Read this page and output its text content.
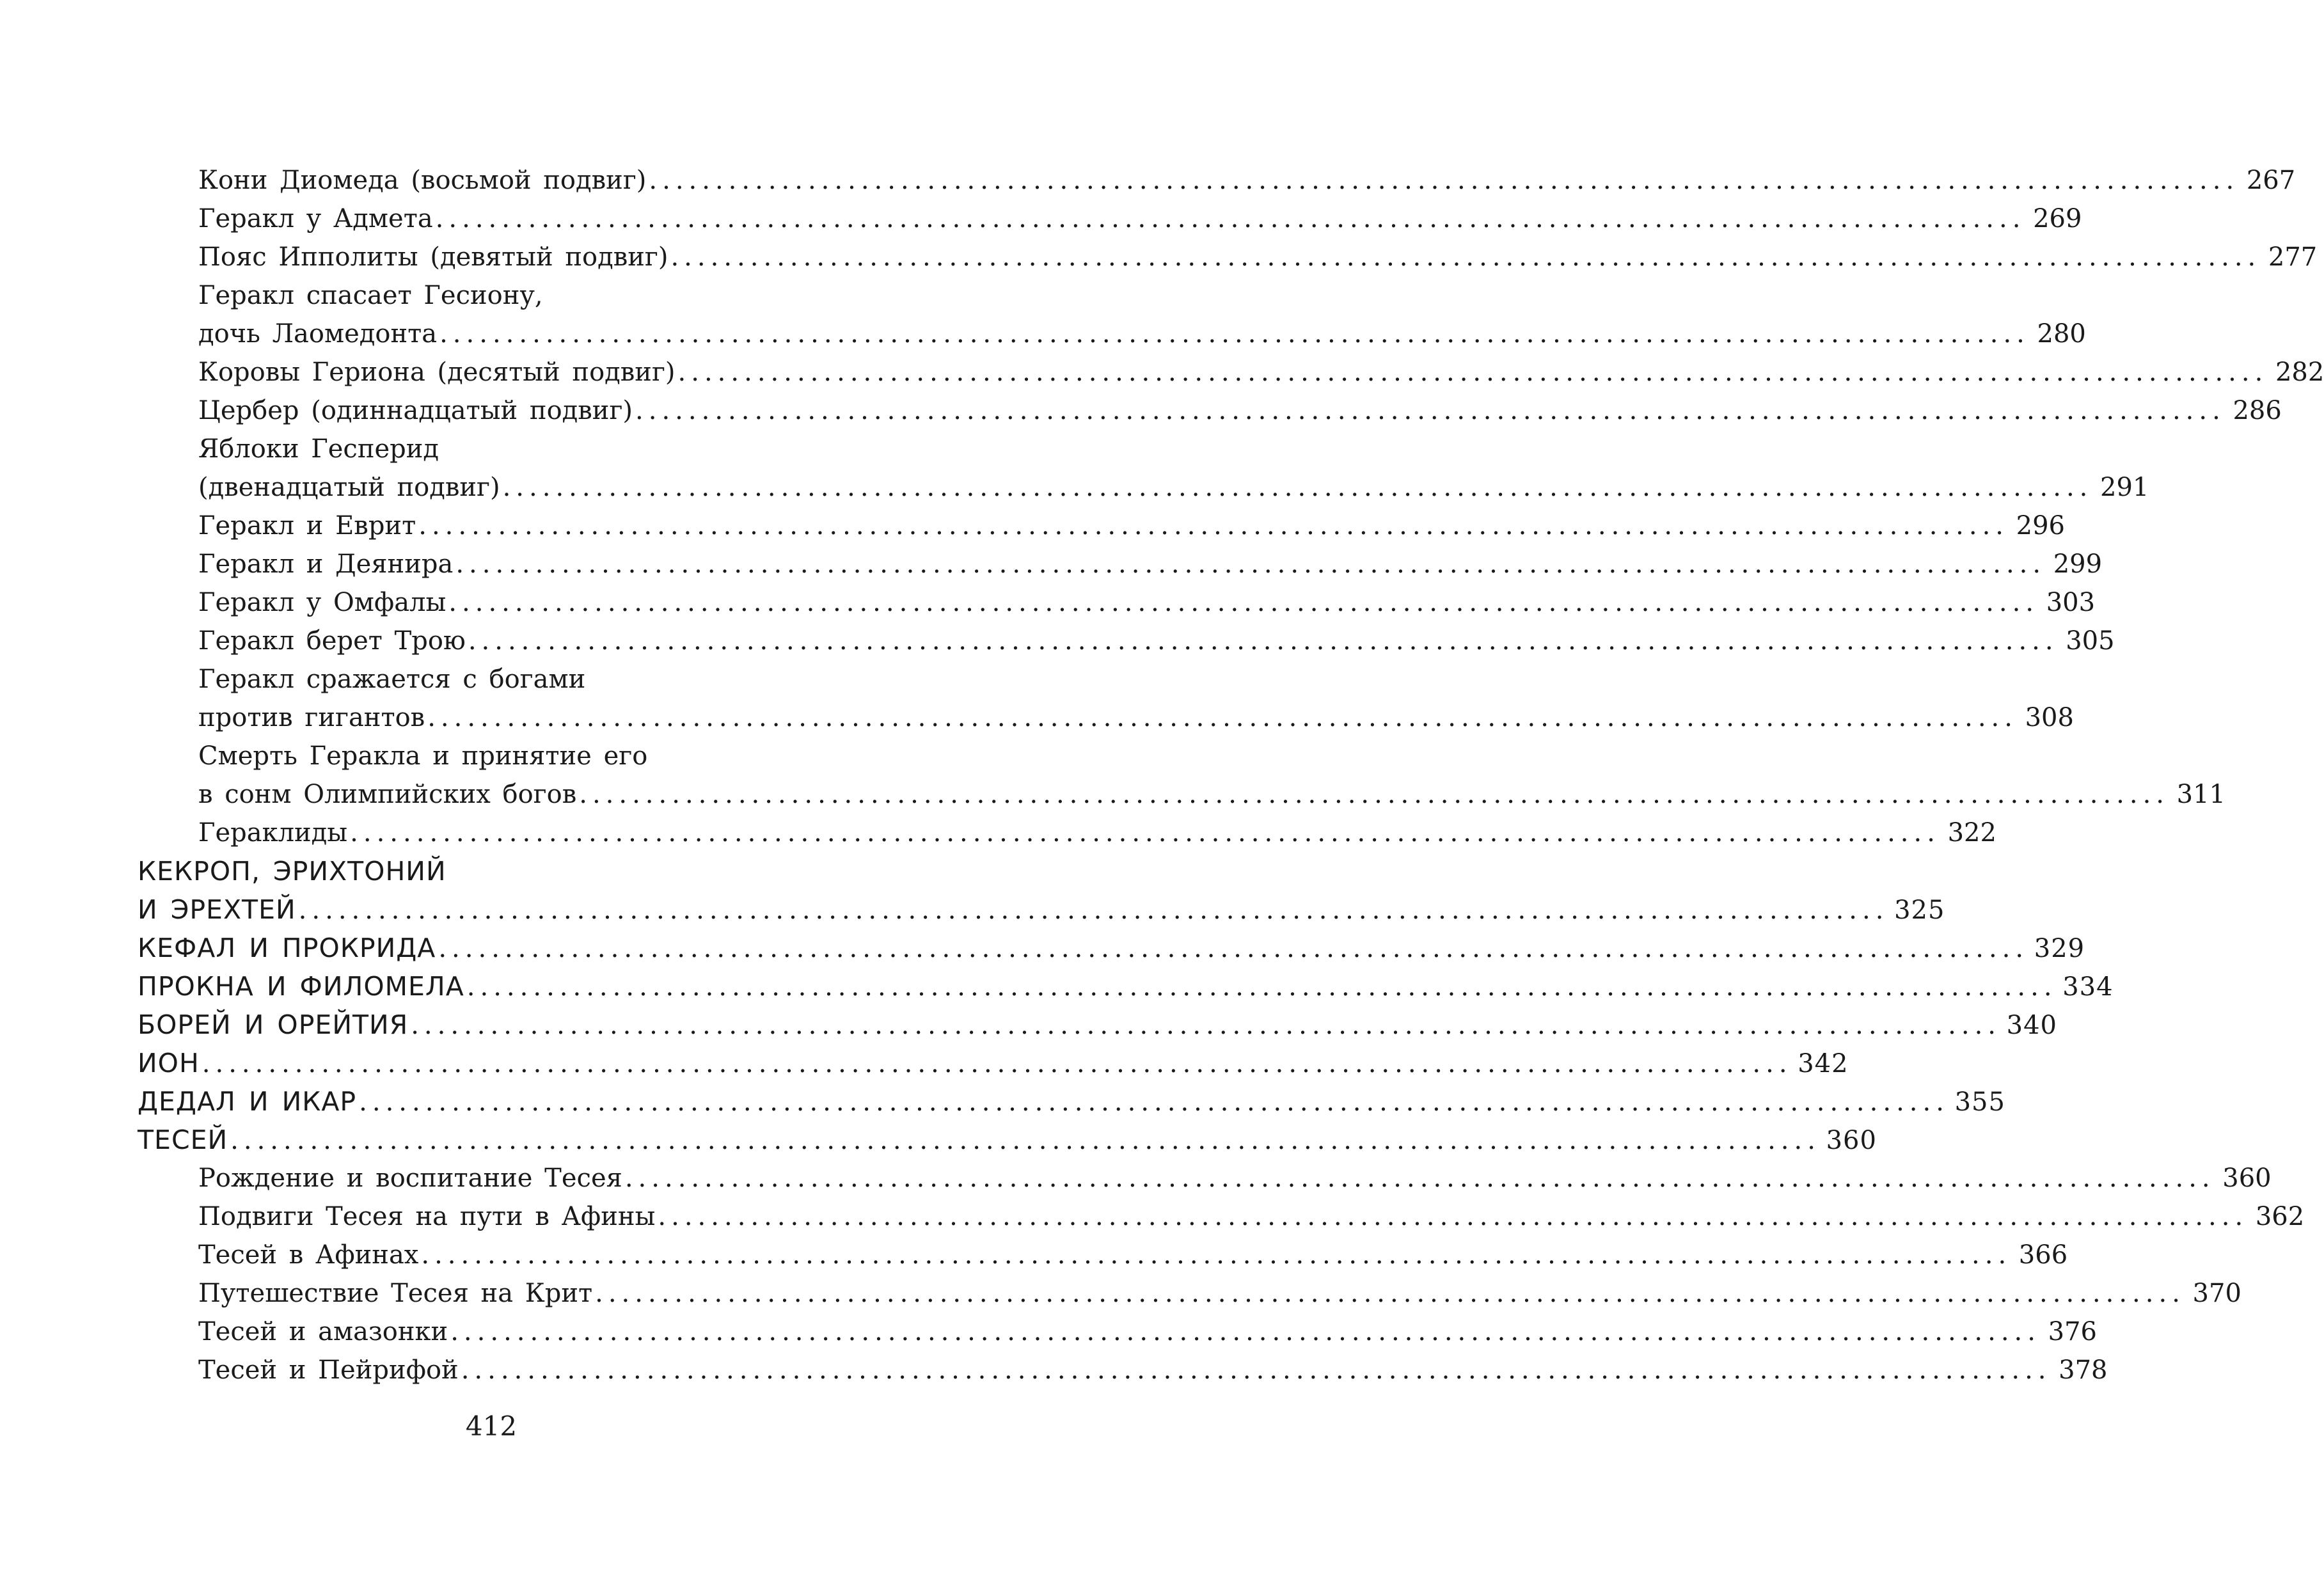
Кони Диомеда (восьмой подвиг) ........................................................................................................................ 267
Геракл у Адмета ........................................................................................................................ 269
Пояс Ипполиты (девятый подвиг) ........................................................................................................................ 277
Геракл спасает Гесиону,
дочь Лаомедонта ........................................................................................................................ 280
Коровы Гериона (десятый подвиг) ........................................................................................................................ 282
Цербер (одиннадцатый подвиг) ........................................................................................................................ 286
Яблоки Гесперид
(двенадцатый подвиг) ........................................................................................................................ 291
Геракл и Еврит ........................................................................................................................ 296
Геракл и Деянира ........................................................................................................................ 299
Геракл у Омфалы ........................................................................................................................ 303
Геракл берет Трою ........................................................................................................................ 305
Геракл сражается с богами
против гигантов ........................................................................................................................ 308
Смерть Геракла и принятие его
в сонм Олимпийских богов ........................................................................................................................ 311
Гераклиды ........................................................................................................................ 322
КЕКРОП, ЭРИХТОНИЙ
И ЭРЕХТЕЙ ........................................................................................................................ 325
КЕФАЛ И ПРОКРИДА ........................................................................................................................ 329
ПРОКНА И ФИЛОМЕЛА ........................................................................................................................ 334
БОРЕЙ И ОРЕЙТИЯ ........................................................................................................................ 340
ИОН ........................................................................................................................ 342
ДЕДАЛ И ИКАР ........................................................................................................................ 355
ТЕСЕЙ ........................................................................................................................ 360
Рождение и воспитание Тесея ........................................................................................................................ 360
Подвиги Тесея на пути в Афины ........................................................................................................................ 362
Тесей в Афинах ........................................................................................................................ 366
Путешествие Тесея на Крит ........................................................................................................................ 370
Тесей и амазонки ........................................................................................................................ 376
Тесей и Пейрифой ........................................................................................................................ 378
412
